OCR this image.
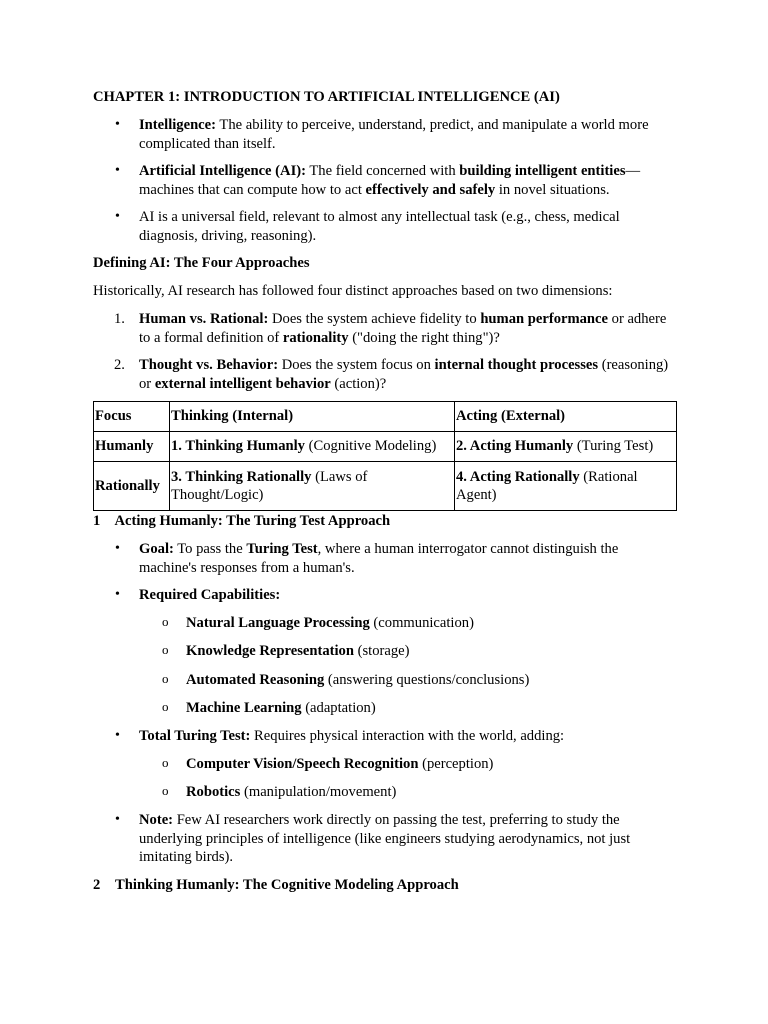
CHAPTER 1: INTRODUCTION TO ARTIFICIAL INTELLIGENCE (AI)

• Intelligence: The ability to perceive, understand, predict, and manipulate a world more complicated than itself.

• Artificial Intelligence (AI): The field concerned with building intelligent entities— machines that can compute how to act effectively and safely in novel situations.

• AI is a universal field, relevant to almost any intellectual task (e.g., chess, medical diagnosis, driving, reasoning).

Defining AI: The Four Approaches

Historically, AI research has followed four distinct approaches based on two dimensions:

1. Human vs. Rational: Does the system achieve fidelity to human performance or adhere to a formal definition of rationality ("doing the right thing")?

2. Thought vs. Behavior: Does the system focus on internal thought processes (reasoning) or external intelligent behavior (action)?

Focus	Thinking (Internal)	Acting (External)
Humanly	1. Thinking Humanly (Cognitive Modeling)	2. Acting Humanly (Turing Test)
Rationally	3. Thinking Rationally (Laws of Thought/Logic)	4. Acting Rationally (Rational Agent)

1⃣ Acting Humanly: The Turing Test Approach

• Goal: To pass the Turing Test, where a human interrogator cannot distinguish the machine's responses from a human's.

• Required Capabilities:

o Natural Language Processing (communication)

o Knowledge Representation (storage)

o Automated Reasoning (answering questions/conclusions)

o Machine Learning (adaptation)

• Total Turing Test: Requires physical interaction with the world, adding:

o Computer Vision/Speech Recognition (perception)

o Robotics (manipulation/movement)

• Note: Few AI researchers work directly on passing the test, preferring to study the underlying principles of intelligence (like engineers studying aerodynamics, not just imitating birds).

2⃣ Thinking Humanly: The Cognitive Modeling Approach
